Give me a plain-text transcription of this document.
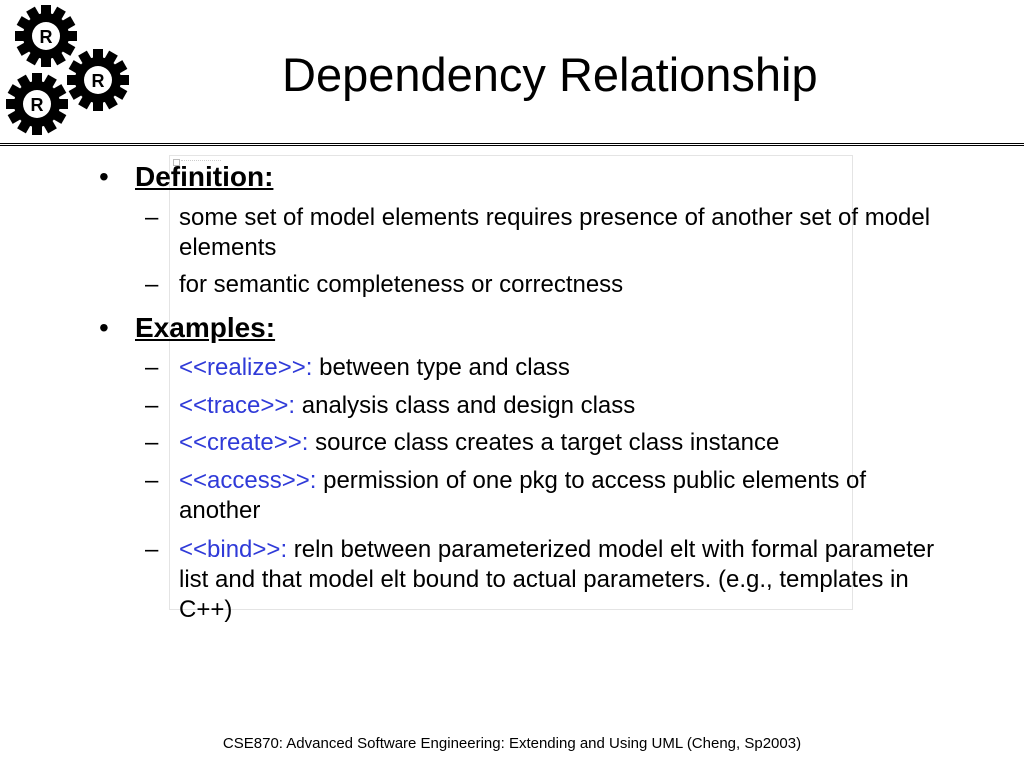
R
R
R
Dependency Relationship
• Definition:
– some set of model elements requires presence of another set of model elements
– for semantic completeness or correctness
• Examples:
– <<realize>>: between type and class
– <<trace>>: analysis class and design class
– <<create>>: source class creates a target class instance
– <<access>>: permission of one pkg to access public elements of another
– <<bind>>: reln between parameterized model elt with formal parameter list and that model elt bound to actual parameters. (e.g., templates in C++)
CSE870: Advanced Software Engineering: Extending and Using UML (Cheng, Sp2003)
